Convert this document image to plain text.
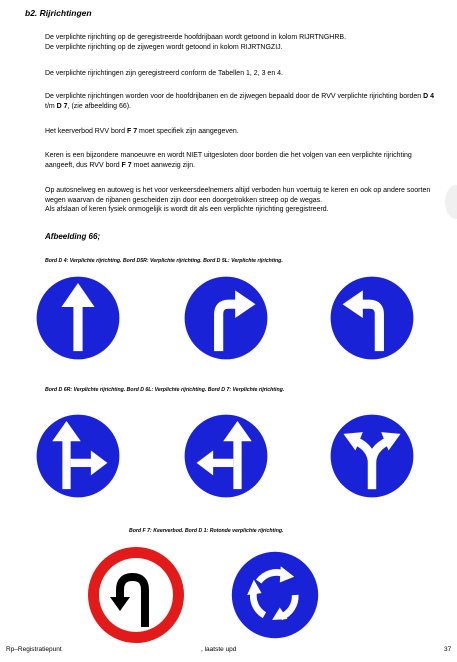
b2. Rijrichtingen
De verplichte rijrichting op de geregistreerde hoofdrijbaan wordt getoond in kolom RIJRTNGHRB.
De verplichte rijrichting op de zijwegen wordt getoond in kolom RIJRTNGZIJ.
De verplichte rijrichtingen zijn geregistreerd conform de Tabellen 1, 2, 3 en 4.
De verplichte rijrichtingen worden voor de hoofdrijbanen en de zijwegen bepaald door de RVV verplichte rijrichting borden D 4 t/m D 7, (zie afbeelding 66).
Het keerverbod RVV bord F 7 moet specifiek zijn aangegeven.
Keren is een bijzondere manoeuvre en wordt NIET uitgesloten door borden die het volgen van een verplichte rijrichting aangeeft, dus RVV bord F 7 moet aanwezig zijn.
Op autosnelweg en autoweg is het voor verkeersdeelnemers altijd verboden hun voertuig te keren en ook op andere soorten wegen waarvan de rijbanen gescheiden zijn door een doorgetrokken streep op de wegas.
Als afslaan of keren fysiek onmogelijk is wordt dit als een verplichte rijrichting geregistreerd.
Afbeelding 66;
Bord D 4: Verplichte rijrichting. Bord D5R: Verplichte rijrichting. Bord D 5L: Verplichte rijrichting.
Bord D 6R: Verplichte rijrichting. Bord D 6L: Verplichte rijrichting. Bord D 7: Verplichte rijrichting.
Bord F 7: Keerverbod. Bord D 1: Rotonde verplichte rijrichting.
Rp–Registratiepunt	, laatste upd	37
